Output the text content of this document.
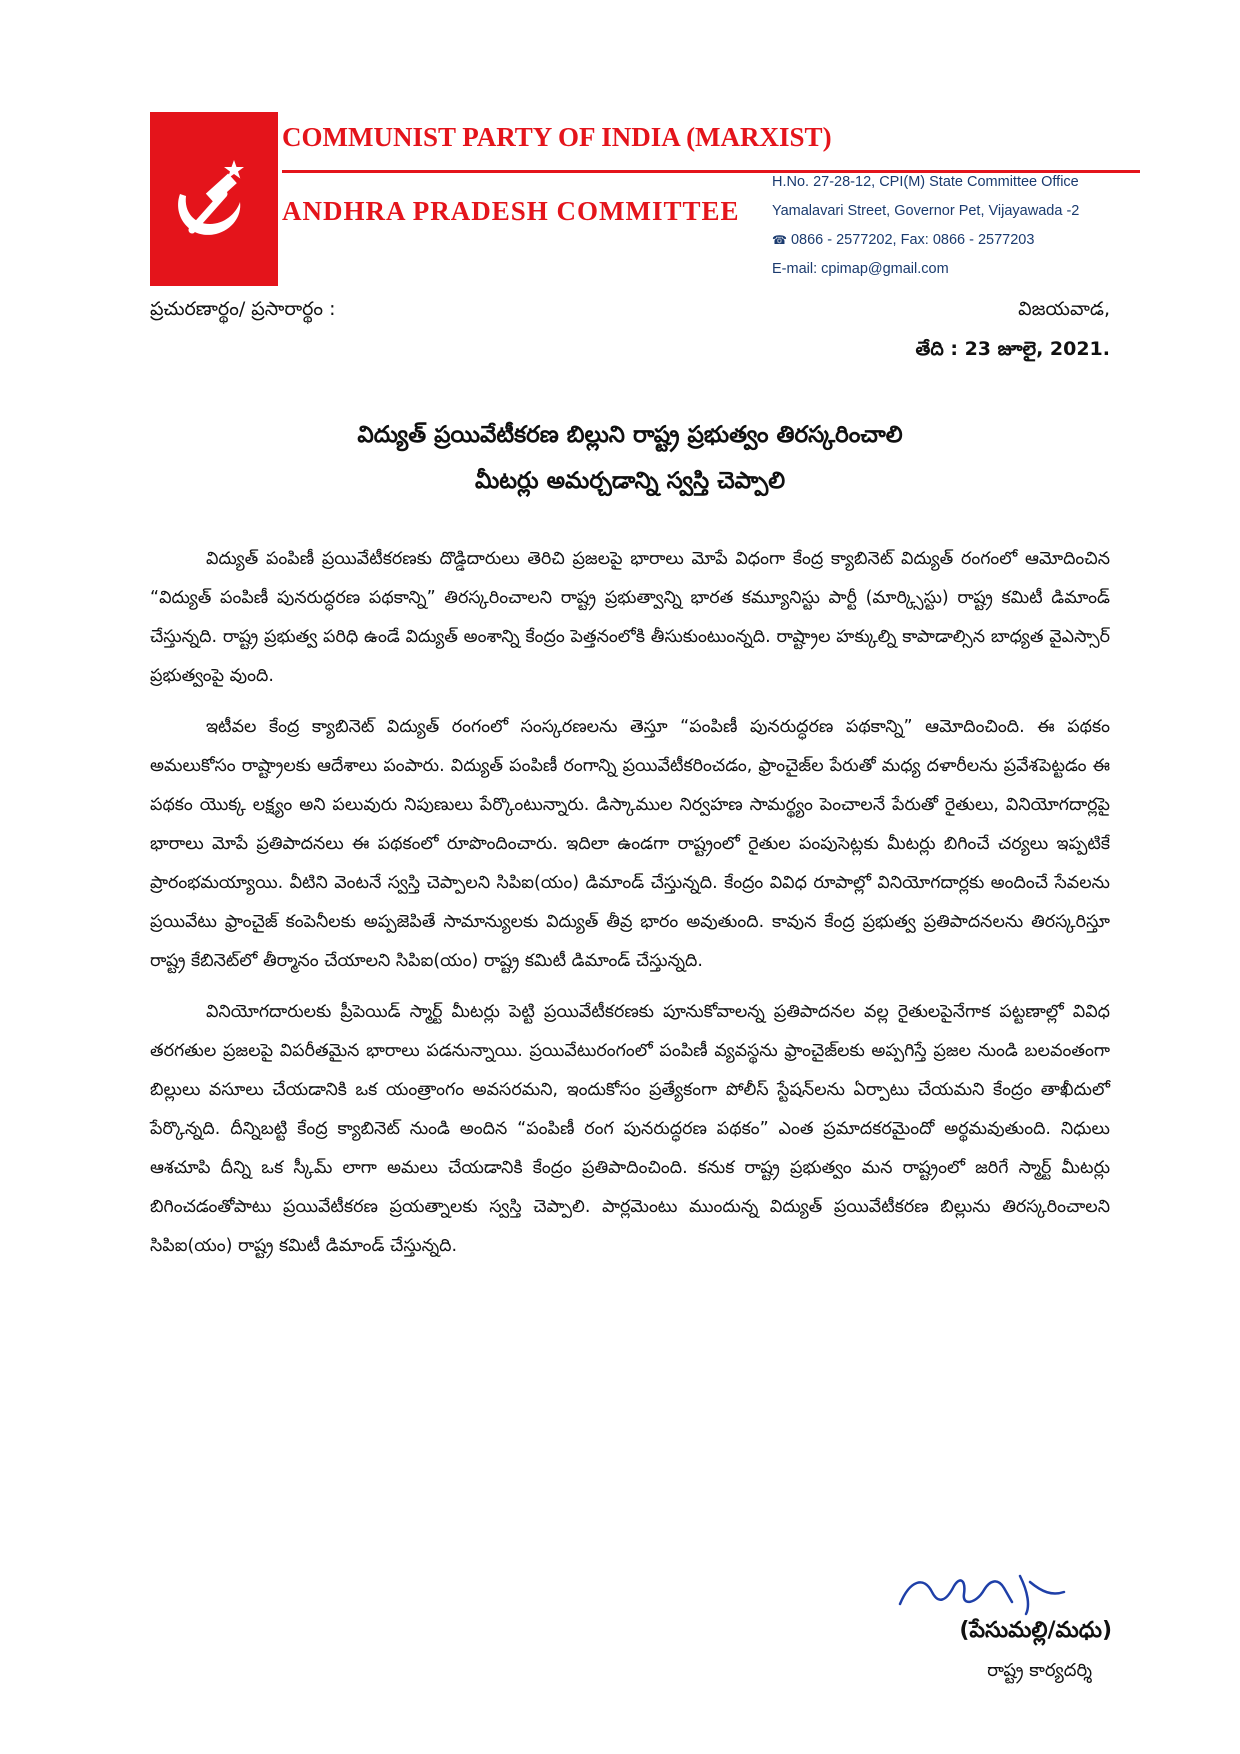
COMMUNIST PARTY OF INDIA (MARXIST)
ANDHRA PRADESH COMMITTEE
H.No. 27-28-12, CPI(M) State Committee Office
Yamalavari Street, Governor Pet, Vijayawada -2
☎ 0866 - 2577202, Fax: 0866 - 2577203
E-mail: cpimap@gmail.com
ప్రచురణార్థం/ ప్రసారార్థం :	విజయవాడ,
తేది : 23 జూలై, 2021.
విద్యుత్ ప్రయివేటీకరణ బిల్లుని రాష్ట్ర ప్రభుత్వం తిరస్కరించాలి
మీటర్లు అమర్చడాన్ని స్వస్తి చెప్పాలి

విద్యుత్ పంపిణీ ప్రయివేటీకరణకు దొడ్డిదారులు తెరిచి ప్రజలపై భారాలు మోపే విధంగా కేంద్ర క్యాబినెట్ విద్యుత్ రంగంలో ఆమోదించిన “విద్యుత్ పంపిణీ పునరుద్ధరణ పథకాన్ని” తిరస్కరించాలని రాష్ట్ర ప్రభుత్వాన్ని భారత కమ్యూనిస్టు పార్టీ (మార్క్సిస్టు) రాష్ట్ర కమిటీ డిమాండ్ చేస్తున్నది. రాష్ట్ర ప్రభుత్వ పరిధి ఉండే విద్యుత్ అంశాన్ని కేంద్రం పెత్తనంలోకి తీసుకుంటుంన్నది. రాష్ట్రాల హక్కుల్ని కాపాడాల్సిన బాధ్యత వైఎస్సార్ ప్రభుత్వంపై వుంది.

ఇటీవల కేంద్ర క్యాబినెట్ విద్యుత్ రంగంలో సంస్కరణలను తెస్తూ “పంపిణీ పునరుద్ధరణ పథకాన్ని” ఆమోదించింది. ఈ పథకం అమలుకోసం రాష్ట్రాలకు ఆదేశాలు పంపారు. విద్యుత్ పంపిణీ రంగాన్ని ప్రయివేటీకరించడం, ఫ్రాంచైజ్‌ల పేరుతో మధ్య దళారీలను ప్రవేశపెట్టడం ఈ పథకం యొక్క లక్ష్యం అని పలువురు నిపుణులు పేర్కొంటున్నారు. డిస్కాముల నిర్వహణ సామర్థ్యం పెంచాలనే పేరుతో రైతులు, వినియోగదార్లపై భారాలు మోపే ప్రతిపాదనలు ఈ పథకంలో రూపొందించారు. ఇదిలా ఉండగా రాష్ట్రంలో రైతుల పంపుసెట్లకు మీటర్లు బిగించే చర్యలు ఇప్పటికే ప్రారంభమయ్యాయి. వీటిని వెంటనే స్వస్తి చెప్పాలని సిపిఐ(యం) డిమాండ్ చేస్తున్నది. కేంద్రం వివిధ రూపాల్లో వినియోగదార్లకు అందించే సేవలను ప్రయివేటు ఫ్రాంచైజ్ కంపెనీలకు అప్పజెపితే సామాన్యులకు విద్యుత్ తీవ్ర భారం అవుతుంది. కావున కేంద్ర ప్రభుత్వ ప్రతిపాదనలను తిరస్కరిస్తూ రాష్ట్ర కేబినెట్‌లో తీర్మానం చేయాలని సిపిఐ(యం) రాష్ట్ర కమిటీ డిమాండ్ చేస్తున్నది.

వినియోగదారులకు ప్రీపెయిడ్ స్మార్ట్ మీటర్లు పెట్టి ప్రయివేటీకరణకు పూనుకోవాలన్న ప్రతిపాదనల వల్ల రైతులపైనేగాక పట్టణాల్లో వివిధ తరగతుల ప్రజలపై విపరీతమైన భారాలు పడనున్నాయి. ప్రయివేటురంగంలో పంపిణీ వ్యవస్థను ఫ్రాంచైజ్‌లకు అప్పగిస్తే ప్రజల నుండి బలవంతంగా బిల్లులు వసూలు చేయడానికి ఒక యంత్రాంగం అవసరమని, ఇందుకోసం ప్రత్యేకంగా పోలీస్ స్టేషన్‌లను ఏర్పాటు చేయమని కేంద్రం తాఖీదులో పేర్కొన్నది. దీన్నిబట్టి కేంద్ర క్యాబినెట్ నుండి అందిన “పంపిణీ రంగ పునరుద్ధరణ పథకం” ఎంత ప్రమాదకరమైందో అర్థమవుతుంది. నిధులు ఆశచూపి దీన్ని ఒక స్కీమ్ లాగా అమలు చేయడానికి కేంద్రం ప్రతిపాదించింది. కనుక రాష్ట్ర ప్రభుత్వం మన రాష్ట్రంలో జరిగే స్మార్ట్ మీటర్లు బిగించడంతోపాటు ప్రయివేటీకరణ ప్రయత్నాలకు స్వస్తి చెప్పాలి. పార్లమెంటు ముందున్న విద్యుత్ ప్రయివేటీకరణ బిల్లును తిరస్కరించాలని సిపిఐ(యం) రాష్ట్ర కమిటీ డిమాండ్ చేస్తున్నది.

(పేసుమల్లి/మధు)
రాష్ట్ర కార్యదర్శి
